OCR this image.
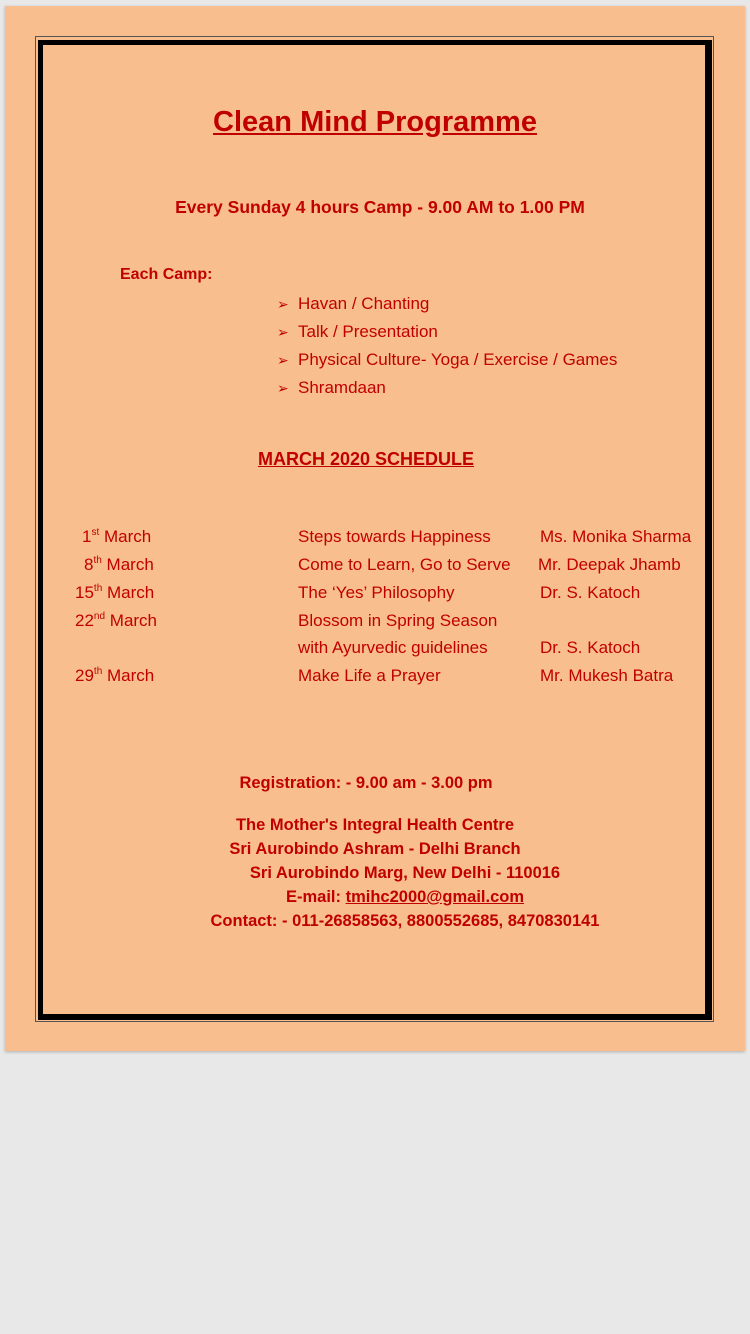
Clean Mind Programme
Every Sunday 4 hours Camp - 9.00 AM to 1.00 PM
Each Camp:
➢ Havan / Chanting
➢ Talk / Presentation
➢ Physical Culture- Yoga / Exercise / Games
➢ Shramdaan
MARCH 2020 SCHEDULE
1st March	Steps towards Happiness	Ms. Monika Sharma
8th March	Come to Learn, Go to Serve Mr. Deepak Jhamb
15th March	The ‘Yes’ Philosophy	Dr. S. Katoch
22nd March	Blossom in Spring Season
with Ayurvedic guidelines	Dr. S. Katoch
29th March	Make Life a Prayer	Mr. Mukesh Batra
Registration: - 9.00 am - 3.00 pm
The Mother's Integral Health Centre
Sri Aurobindo Ashram - Delhi Branch
Sri Aurobindo Marg, New Delhi - 110016
E-mail: tmihc2000@gmail.com
Contact: - 011-26858563, 8800552685, 8470830141
